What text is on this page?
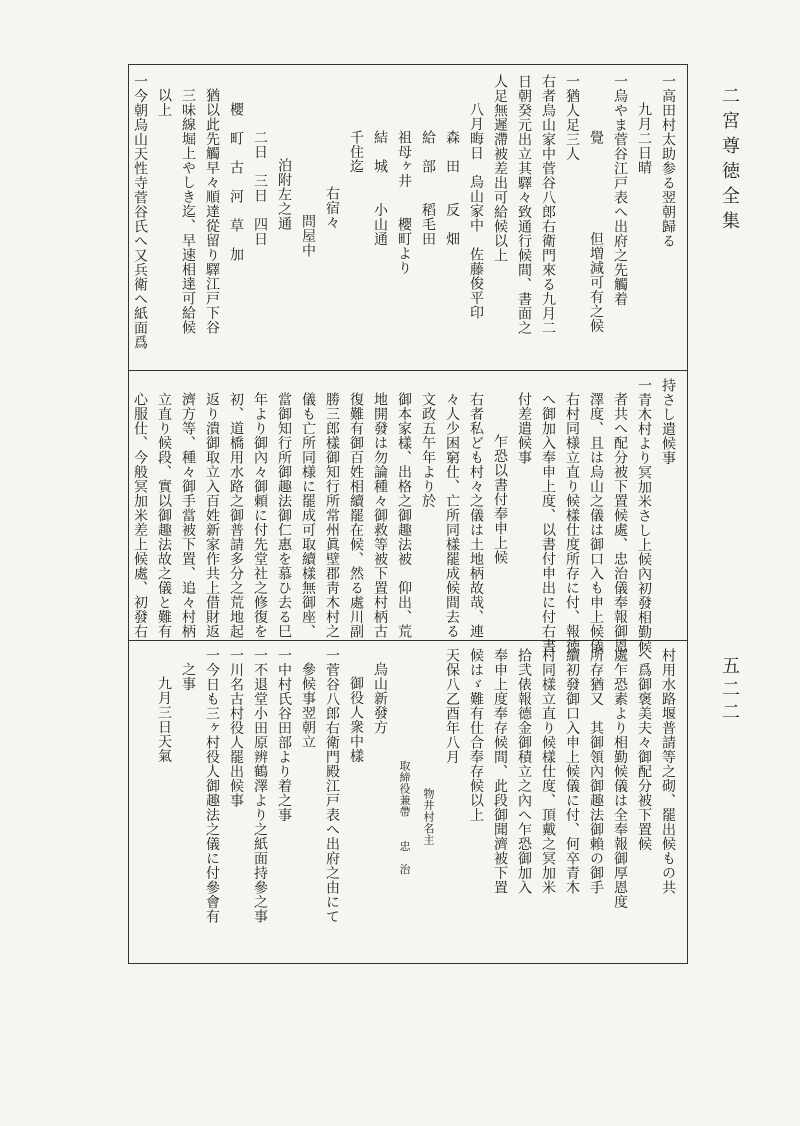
二宮尊徳全集
五二二
一高田村太助参る翌朝歸る
九月二日晴
一烏やま菅谷江戸表へ出府之先觸着
覺　　　　　　但増減可有之候
一猶人足三人
右者烏山家中菅谷八郎右衛門來る九月二
日朝癸元出立其驛々致通行候間、書面之
人足無遲滯被差出可給候以上
八月晦日　烏山家中　佐藤俊平印
森　田　　反　畑
給　部　　稻毛田
祖母ヶ井　　櫻町より
結　城　　小山通
千住迄
右宿々
問屋中
泊附左之通
二日　三日　四日
櫻　町　古　河　草　加
猶以此先觸早々順達從留り驛江戸下谷
三味線堀上やしき迄、早速相達可給候
以上
一今朝烏山天性寺菅谷氏へ又兵衛へ紙面爲
持さし遣候事
一青木村より冥加米さし上候內初發相勤候
者共へ配分被下置候處、忠治儀奉報御恩
澤度、且は烏山之儀は御口入も申上候儀
右村同様立直り候樣仕度所存に付、報徳
へ御加入奉申上度、以書付申出に付右書
付差遣候事
乍恐以書付奉申上候
右者私ども村々之儀は土地柄故哉、連
々人少困窮仕、亡所同樣罷成候間去る
文政五午年より於
御本家樣、出格之御趣法被　仰出、荒
地開發は勿論種々御救等被下置村柄古
復難有御百姓相續罷在候、然る處川副
勝三郎樣御知行所常州眞壁郡靑木村之
儀も亡所同様に罷成可取續樣無御座、
當御知行所御趣法御仁惠を慕ひ去る巳
年より御內々御頼に付先堂社之修復を
初、道橋用水路之御普請多分之荒地起
返り潰御取立入百姓新家作共上借財返
濟方等、種々御手當被下置、追々村柄
立直り候段、實以御趣法故之儀と難有
心服仕、今般冥加米差上候處、初發右
村用水路堰普請等之砌、罷出候もの共
へ爲御褒美夫々御配分被下置候
處乍恐素より相勤候儀は全奉報御厚恩度
所存猶又　其御領內御趣法御賴の御手
續初發御口入申上候儀に付、何卒青木
村同樣立直り候樣仕度、頂戴之冥加米
拾弐俵報德金御積立之內へ乍恐御加入
奉申上度奉存候間、此段御聞濟被下置
候はゞ難有仕合奉存候以上
天保八乙酉年八月
物井村名主
取締役兼帶　　忠　治
烏山新發方
御役人衆中樣
一菅谷八郎右衛門殿江戸表へ出府之由にて
參候事翌朝立
一中村氏谷田部より着之事
一不退堂小田原辨鶴澤より之紙面持參之事
一川名古村役人罷出候事
一今日も三ヶ村役人御趣法之儀に付參會有
之事
九月三日天氣
